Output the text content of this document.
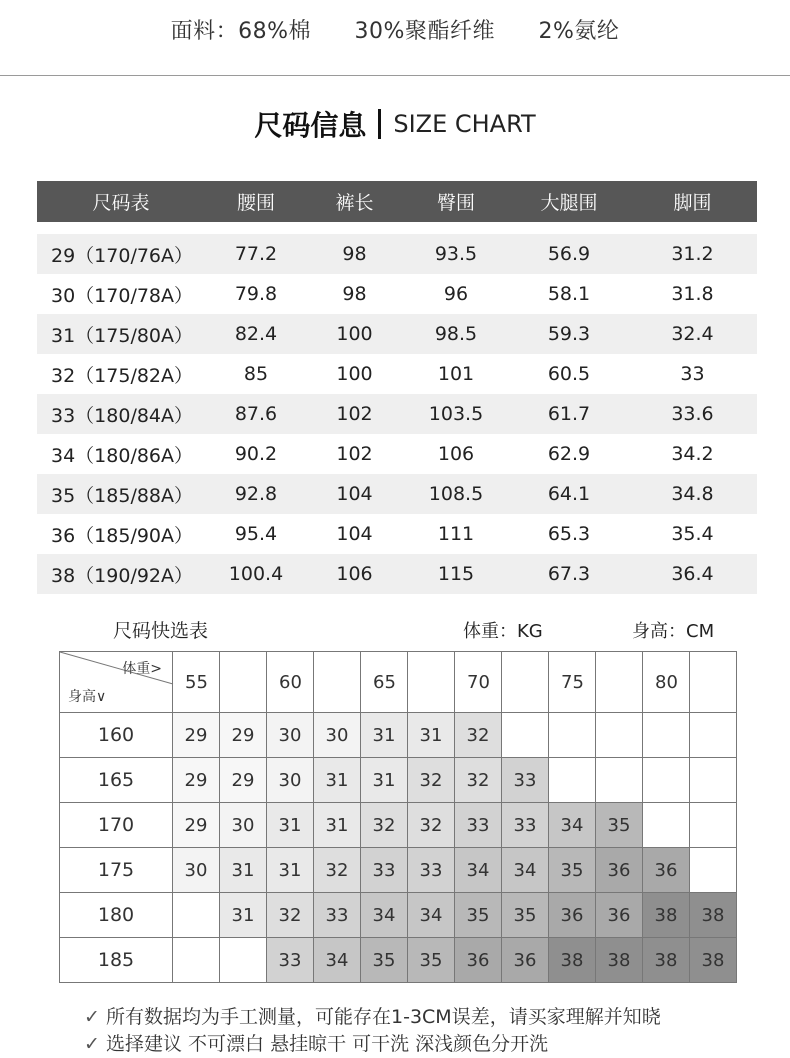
面料：68%棉 30%聚酯纤维 2%氨纶
尺码信息 SIZE CHART
尺码表	腰围	裤长	臀围	大腿围	脚围

29（170/76A）	77.2	98	93.5	56.9	31.2
30（170/78A）	79.8	98	96	58.1	31.8
31（175/80A）	82.4	100	98.5	59.3	32.4
32（175/82A）	85	100	101	60.5	33
33（180/84A）	87.6	102	103.5	61.7	33.6
34（180/86A）	90.2	102	106	62.9	34.2
35（185/88A）	92.8	104	108.5	64.1	34.8
36（185/90A）	95.4	104	111	65.3	35.4
38（190/92A）	100.4	106	115	67.3	36.4
尺码快选表	体重：KG	身高：CM
体重>
身高∨	55		60		65		70		75		80	
160	29	29	30	30	31	31	32					
165	29	29	30	31	31	32	32	33				
170	29	30	31	31	32	32	33	33	34	35		
175	30	31	31	32	33	33	34	34	35	36	36	
180		31	32	33	34	34	35	35	36	36	38	38
185			33	34	35	35	36	36	38	38	38	38
✓ 所有数据均为手工测量，可能存在1-3CM误差，请买家理解并知晓
✓ 选择建议 不可漂白 悬挂晾干 可干洗 深浅颜色分开洗
